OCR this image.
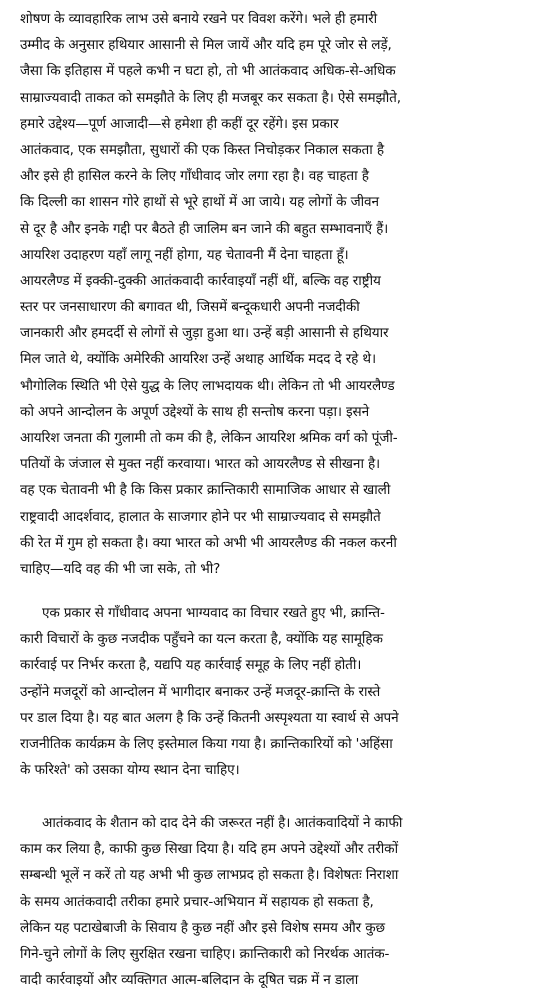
शोषण के व्यावहारिक लाभ उसे बनाये रखने पर विवश करेंगे। भले ही हमारी
उम्मीद के अनुसार हथियार आसानी से मिल जायें और यदि हम पूरे जोर से लड़ें,
जैसा कि इतिहास में पहले कभी न घटा हो, तो भी आतंकवाद अधिक-से-अधिक
साम्राज्यवादी ताकत को समझौते के लिए ही मजबूर कर सकता है। ऐसे समझौते,
हमारे उद्देश्य—पूर्ण आजादी—से हमेशा ही कहीं दूर रहेंगे। इस प्रकार
आतंकवाद, एक समझौता, सुधारों की एक किस्त निचोड़कर निकाल सकता है
और इसे ही हासिल करने के लिए गाँधीवाद जोर लगा रहा है। वह चाहता है
कि दिल्ली का शासन गोरे हाथों से भूरे हाथों में आ जाये। यह लोगों के जीवन
से दूर है और इनके गद्दी पर बैठते ही जालिम बन जाने की बहुत सम्भावनाएँ हैं।
आयरिश उदाहरण यहाँ लागू नहीं होगा, यह चेतावनी मैं देना चाहता हूँ।
आयरलैण्ड में इक्की-दुक्की आतंकवादी कार्रवाइयाँ नहीं थीं, बल्कि वह राष्ट्रीय
स्तर पर जनसाधारण की बगावत थी, जिसमें बन्दूकधारी अपनी नजदीकी
जानकारी और हमदर्दी से लोगों से जुड़ा हुआ था। उन्हें बड़ी आसानी से हथियार
मिल जाते थे, क्योंकि अमेरिकी आयरिश उन्हें अथाह आर्थिक मदद दे रहे थे।
भौगोलिक स्थिति भी ऐसे युद्ध के लिए लाभदायक थी। लेकिन तो भी आयरलैण्ड
को अपने आन्दोलन के अपूर्ण उद्देश्यों के साथ ही सन्तोष करना पड़ा। इसने
आयरिश जनता की गुलामी तो कम की है, लेकिन आयरिश श्रमिक वर्ग को पूंजी-
पतियों के जंजाल से मुक्त नहीं करवाया। भारत को आयरलैण्ड से सीखना है।
वह एक चेतावनी भी है कि किस प्रकार क्रान्तिकारी सामाजिक आधार से खाली
राष्ट्रवादी आदर्शवाद, हालात के साजगार होने पर भी साम्राज्यवाद से समझौते
की रेत में गुम हो सकता है। क्या भारत को अभी भी आयरलैण्ड की नकल करनी
चाहिए—यदि वह की भी जा सके, तो भी?
एक प्रकार से गाँधीवाद अपना भाग्यवाद का विचार रखते हुए भी, क्रान्ति-
कारी विचारों के कुछ नजदीक पहुँचने का यत्न करता है, क्योंकि यह सामूहिक
कार्रवाई पर निर्भर करता है, यद्यपि यह कार्रवाई समूह के लिए नहीं होती।
उन्होंने मजदूरों को आन्दोलन में भागीदार बनाकर उन्हें मजदूर-क्रान्ति के रास्ते
पर डाल दिया है। यह बात अलग है कि उन्हें कितनी अस्पृश्यता या स्वार्थ से अपने
राजनीतिक कार्यक्रम के लिए इस्तेमाल किया गया है। क्रान्तिकारियों को 'अहिंसा
के फरिश्ते' को उसका योग्य स्थान देना चाहिए।
आतंकवाद के शैतान को दाद देने की जरूरत नहीं है। आतंकवादियों ने काफी
काम कर लिया है, काफी कुछ सिखा दिया है। यदि हम अपने उद्देश्यों और तरीकों
सम्बन्धी भूलें न करें तो यह अभी भी कुछ लाभप्रद हो सकता है। विशेषतः निराशा
के समय आतंकवादी तरीका हमारे प्रचार-अभियान में सहायक हो सकता है,
लेकिन यह पटाखेबाजी के सिवाय है कुछ नहीं और इसे विशेष समय और कुछ
गिने-चुने लोगों के लिए सुरक्षित रखना चाहिए। क्रान्तिकारी को निरर्थक आतंक-
वादी कार्रवाइयों और व्यक्तिगत आत्म-बलिदान के दूषित चक्र में न डाला
